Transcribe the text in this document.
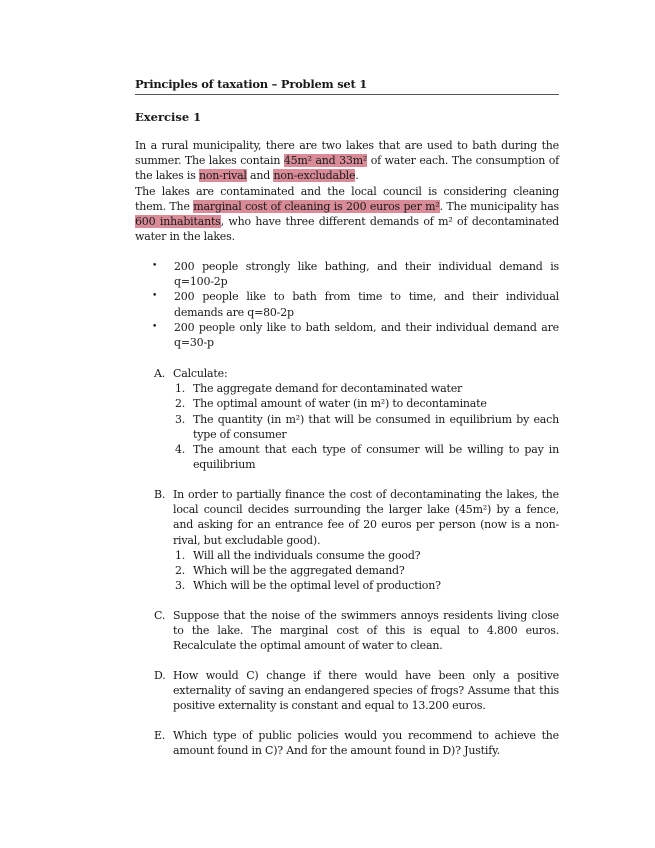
Principles of taxation – Problem set 1
Exercise 1

In a rural municipality, there are two lakes that are used to bath during the summer. The lakes contain 45m² and 33m² of water each. The consumption of the lakes is non-rival and non-excludable.

The lakes are contaminated and the local council is considering cleaning them. The marginal cost of cleaning is 200 euros per m². The municipality has 600 inhabitants, who have three different demands of m² of decontaminated water in the lakes.

• 200 people strongly like bathing, and their individual demand is q=100-2p
• 200 people like to bath from time to time, and their individual demands are q=80-2p
• 200 people only like to bath seldom, and their individual demand are q=30-p
A. Calculate:
1. The aggregate demand for decontaminated water
2. The optimal amount of water (in m²) to decontaminate
3. The quantity (in m²) that will be consumed in equilibrium by each type of consumer
4. The amount that each type of consumer will be willing to pay in equilibrium
B. In order to partially finance the cost of decontaminating the lakes, the local council decides surrounding the larger lake (45m²) by a fence, and asking for an entrance fee of 20 euros per person (now is a non-rival, but excludable good).
1. Will all the individuals consume the good?
2. Which will be the aggregated demand?
3. Which will be the optimal level of production?
C. Suppose that the noise of the swimmers annoys residents living close to the lake. The marginal cost of this is equal to 4.800 euros. Recalculate the optimal amount of water to clean.
D. How would C) change if there would have been only a positive externality of saving an endangered species of frogs? Assume that this positive externality is constant and equal to 13.200 euros.
E. Which type of public policies would you recommend to achieve the amount found in C)? And for the amount found in D)? Justify.
